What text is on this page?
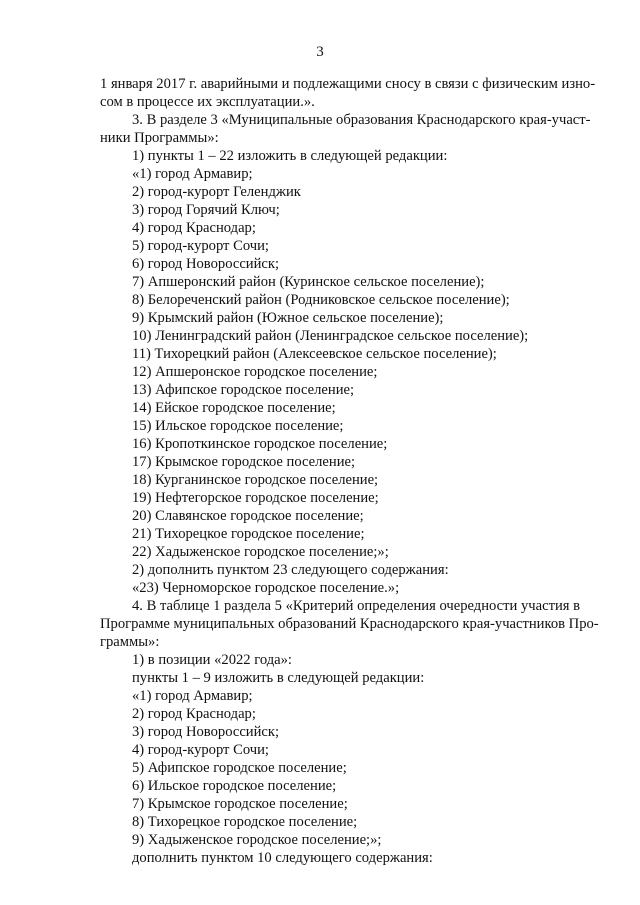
3

1 января 2017 г. аварийными и подлежащими сносу в связи с физическим изно-

сом в процессе их эксплуатации.».

3. В разделе 3 «Муниципальные образования Краснодарского края-участ-

ники Программы»:

1) пункты 1 – 22 изложить в следующей редакции:

«1) город Армавир;

2) город-курорт Геленджик

3) город Горячий Ключ;

4) город Краснодар;

5) город-курорт Сочи;

6) город Новороссийск;

7) Апшеронский район (Куринское сельское поселение);

8) Белореченский район (Родниковское сельское поселение);

9) Крымский район (Южное сельское поселение);

10) Ленинградский район (Ленинградское сельское поселение);

11) Тихорецкий район (Алексеевское сельское поселение);

12) Апшеронское городское поселение;

13) Афипское городское поселение;

14) Ейское городское поселение;

15) Ильское городское поселение;

16) Кропоткинское городское поселение;

17) Крымское городское поселение;

18) Курганинское городское поселение;

19) Нефтегорское городское поселение;

20) Славянское городское поселение;

21) Тихорецкое городское поселение;

22) Хадыженское городское поселение;»;

2) дополнить пунктом 23 следующего содержания:

«23) Черноморское городское поселение.»;

4. В таблице 1 раздела 5 «Критерий определения очередности участия в

Программе муниципальных образований Краснодарского края-участников Про-

граммы»:

1) в позиции «2022 года»:

пункты 1 – 9 изложить в следующей редакции:

«1) город Армавир;

2) город Краснодар;

3) город Новороссийск;

4) город-курорт Сочи;

5) Афипское городское поселение;

6) Ильское городское поселение;

7) Крымское городское поселение;

8) Тихорецкое городское поселение;

9) Хадыженское городское поселение;»;

дополнить пунктом 10 следующего содержания:
